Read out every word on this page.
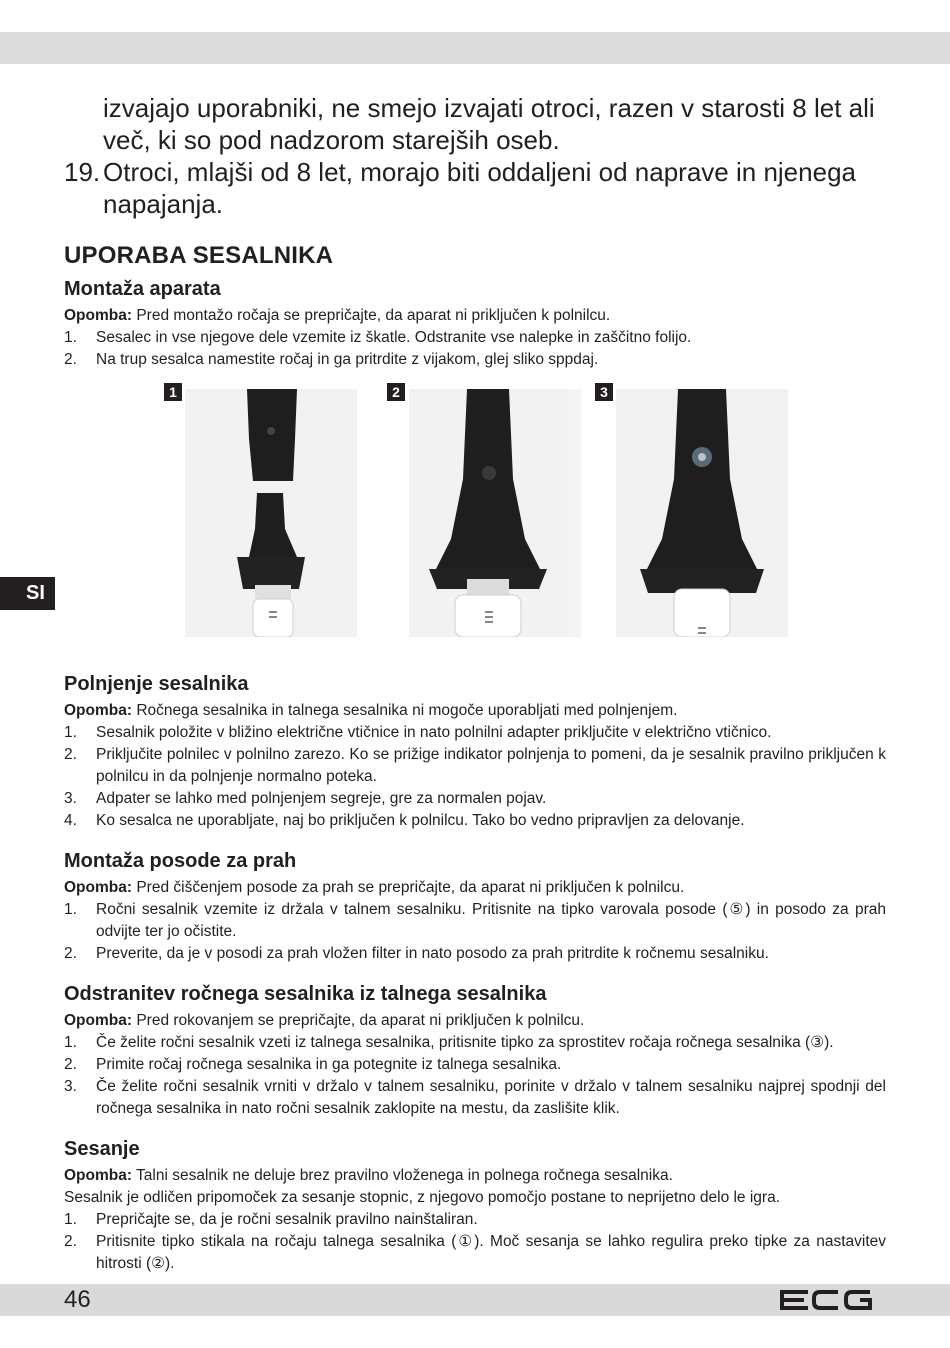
SI
izvajajo uporabniki, ne smejo izvajati otroci, razen v starosti 8 let ali
več, ki so pod nadzorom starejših oseb.
19. Otroci, mlajši od 8 let, morajo biti oddaljeni od naprave in njenega
napajanja.
UPORABA SESALNIKA
Montaža aparata

Opomba: Pred montažo ročaja se prepričajte, da aparat ni priključen k polnilcu.

1.	Sesalec in vse njegove dele vzemite iz škatle. Odstranite vse nalepke in zaščitno folijo.
2.	Na trup sesalca namestite ročaj in ga pritrdite z vijakom, glej sliko sppdaj.
1	2	3
Polnjenje sesalnika

Opomba: Ročnega sesalnika in talnega sesalnika ni mogoče uporabljati med polnjenjem.

1.	Sesalnik položite v bližino električne vtičnice in nato polnilni adapter priključite v električno vtičnico.
2.	Priključite polnilec v polnilno zarezo. Ko se prižige indikator polnjenja to pomeni, da je sesalnik pravilno priključen k polnilcu in da polnjenje normalno poteka.
3.	Adpater se lahko med polnjenjem segreje, gre za normalen pojav.
4.	Ko sesalca ne uporabljate, naj bo priključen k polnilcu. Tako bo vedno pripravljen za delovanje.
Montaža posode za prah

Opomba: Pred čiščenjem posode za prah se prepričajte, da aparat ni priključen k polnilcu.

1.	Ročni sesalnik vzemite iz držala v talnem sesalniku. Pritisnite na tipko varovala posode (⑤) in posodo za prah odvijte ter jo očistite.
2.	Preverite, da je v posodi za prah vložen filter in nato posodo za prah pritrdite k ročnemu sesalniku.
Odstranitev ročnega sesalnika iz talnega sesalnika

Opomba: Pred rokovanjem se prepričajte, da aparat ni priključen k polnilcu.

1.	Če želite ročni sesalnik vzeti iz talnega sesalnika, pritisnite tipko za sprostitev ročaja ročnega sesalnika (③).
2.	Primite ročaj ročnega sesalnika in ga potegnite iz talnega sesalnika.
3.	Če želite ročni sesalnik vrniti v držalo v talnem sesalniku, porinite v držalo v talnem sesalniku najprej spodnji del ročnega sesalnika in nato ročni sesalnik zaklopite na mestu, da zaslišite klik.
Sesanje

Opomba: Talni sesalnik ne deluje brez pravilno vloženega in polnega ročnega sesalnika.

Sesalnik je odličen pripomoček za sesanje stopnic, z njegovo pomočjo postane to neprijetno delo le igra.

1.	Prepričajte se, da je ročni sesalnik pravilno nainštaliran.
2.	Pritisnite tipko stikala na ročaju talnega sesalnika (①). Moč sesanja se lahko regulira preko tipke za nastavitev hitrosti (②).
46
